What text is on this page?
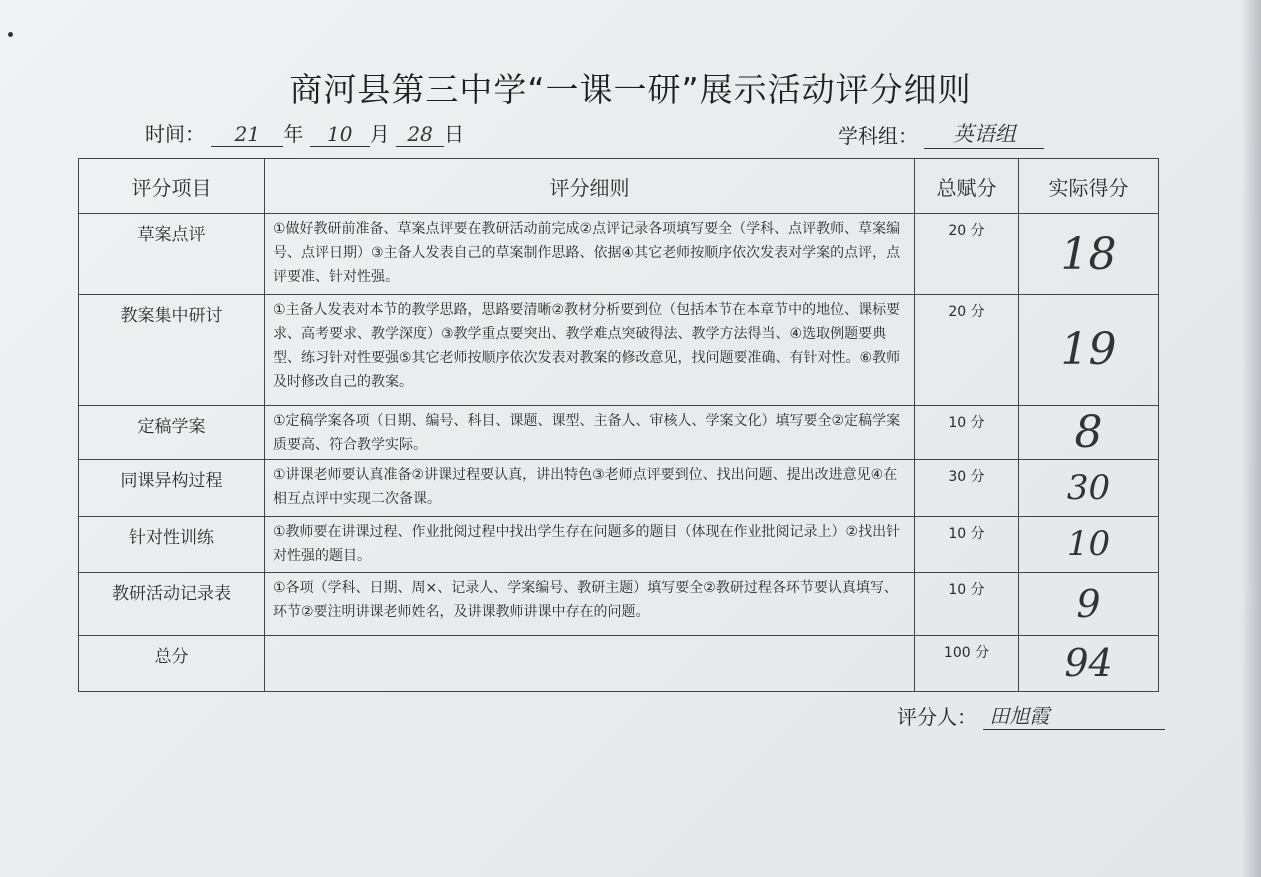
商河县第三中学“一课一研”展示活动评分细则
时间： 21 年 10 月 28 日	学科组： 英语组
评分项目	评分细则	总赋分	实际得分
草案点评	①做好教研前准备、草案点评要在教研活动前完成②点评记录各项填写要全（学科、点评教师、草案编号、点评日期）③主备人发表自己的草案制作思路、依据④其它老师按顺序依次发表对学案的点评，点评要准、针对性强。	20 分	18
教案集中研讨	①主备人发表对本节的教学思路，思路要清晰②教材分析要到位（包括本节在本章节中的地位、课标要求、高考要求、教学深度）③教学重点要突出、教学难点突破得法、教学方法得当、④选取例题要典型、练习针对性要强⑤其它老师按顺序依次发表对教案的修改意见，找问题要准确、有针对性。⑥教师及时修改自己的教案。	20 分	19
定稿学案	①定稿学案各项（日期、编号、科目、课题、课型、主备人、审核人、学案文化）填写要全②定稿学案质要高、符合教学实际。	10 分	8
同课异构过程	①讲课老师要认真准备②讲课过程要认真，讲出特色③老师点评要到位、找出问题、提出改进意见④在相互点评中实现二次备课。	30 分	30
针对性训练	①教师要在讲课过程、作业批阅过程中找出学生存在问题多的题目（体现在作业批阅记录上）②找出针对性强的题目。	10 分	10
教研活动记录表	①各项（学科、日期、周×、记录人、学案编号、教研主题）填写要全②教研过程各环节要认真填写、环节②要注明讲课老师姓名，及讲课教师讲课中存在的问题。	10 分	9
总分		100 分	94
评分人： 田旭霞
